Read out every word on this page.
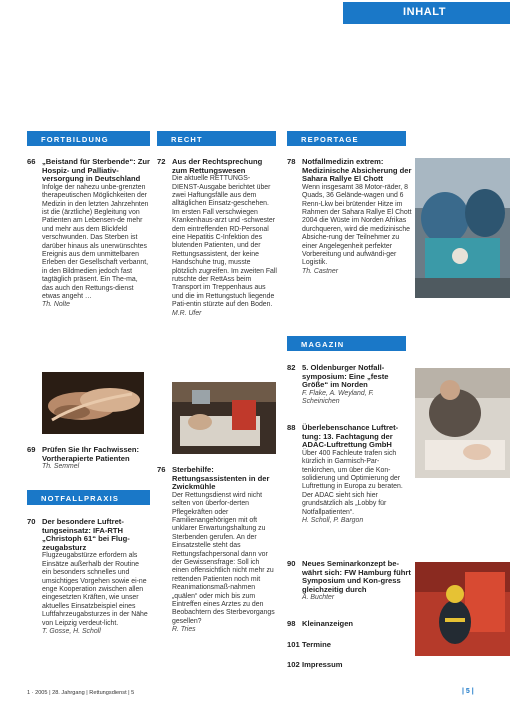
INHALT
FORTBILDUNG	RECHT	REPORTAGE
NOTFALLPRAXIS
MAGAZIN
66 „Beistand für Sterbende“: Zur Hospiz- und Palliativ-versorgung in Deutschland
Infolge der nahezu unbe-grenzten therapeutischen Möglichkeiten der Medizin in den letzten Jahrzehnten ist die (ärztliche) Begleitung von Patienten am Lebensen-de mehr und mehr aus dem Blickfeld verschwunden. Das Sterben ist darüber hinaus als unerwünschtes Ereignis aus dem unmittelbaren Erleben der Gesellschaft verbannt, in den Bildmedien jedoch fast tagtäglich präsent. Ein The-ma, das auch den Rettungs-dienst etwas angeht …
Th. Nolte
69 Prüfen Sie Ihr Fachwissen: Vortherapierte Patienten
Th. Semmel
70 Der besondere Luftret-tungseinsatz: IFA-RTH „Christoph 61“ bei Flug-zeugabsturz
Flugzeugabstürze erfordern als Einsätze außerhalb der Routine ein besonders schnelles und umsichtiges Vorgehen sowie ei-ne enge Kooperation zwischen allen eingesetzten Kräften, wie unser aktuelles Einsatzbeispiel eines Luftfahrzeugabsturzes in der Nähe von Leipzig verdeut-licht.
T. Gosse, H. Scholl
72 Aus der Rechtsprechung zum Rettungswesen
Die aktuelle RETTUNGS-DIENST-Ausgabe berichtet über zwei Haftungsfälle aus dem alltäglichen Einsatz-geschehen. Im ersten Fall verschwiegen Krankenhaus-arzt und -schwester dem eintreffenden RD-Personal eine Hepatitis C-Infektion des blutenden Patienten, und der Rettungsassistent, der keine Handschuhe trug, musste plötzlich zugreifen. Im zweiten Fall rutschte der RettAss beim Transport im Treppenhaus aus und die im Rettungstuch liegende Pati-entin stürzte auf den Boden.
M.R. Ufer
76 Sterbehilfe: Rettungsassistenten in der Zwickmühle
Der Rettungsdienst wird nicht selten von überfor-derten Pflegekräften oder Familienangehörigen mit oft unklarer Erwartungshaltung zu Sterbenden gerufen. An der Einsatzstelle steht das Rettungsfachpersonal dann vor der Gewissensfrage: Soll ich einen offensichtlich nicht mehr zu rettenden Patienten noch mit Reanimationsmaß-nahmen „quälen“ oder mich bis zum Eintreffen eines Arztes zu den Beobachtern des Sterbevorgangs gesellen?
R. Tries
78 Notfallmedizin extrem: Medizinische Absicherung der Sahara Rallye El Chott
Wenn insgesamt 38 Motor-räder, 8 Quads, 36 Gelände-wagen und 6 Renn-Lkw bei brütender Hitze im Rahmen der Sahara Rallye El Chott 2004 die Wüste im Norden Afrikas durchqueren, wird die medizinische Absiche-rung der Teilnehmer zu einer Angelegenheit perfekter Vorbereitung und aufwändi-ger Logistik.
Th. Castner
82 5. Oldenburger Notfall-symposium: Eine „feste Größe“ im Norden
F. Flake, A. Weyland, F. Scheinichen
88 Überlebenschance Luftret-tung: 13. Fachtagung der ADAC-Luftrettung GmbH
Über 400 Fachleute trafen sich kürzlich in Garmisch-Par-tenkirchen, um über die Kon-solidierung und Optimierung der Luftrettung in Europa zu beraten. Der ADAC sieht sich hier grundsätzlich als „Lobby für Notfallpatienten“.
H. Scholl, P. Bargon
90 Neues Seminarkonzept be-währt sich: FW Hamburg führt Symposium und Kon-gress gleichzeitig durch
A. Buchter
98 Kleinanzeigen
101 Termine
102 Impressum
1 · 2005 | 28. Jahrgang | Rettungsdienst | 5	| 5 |
